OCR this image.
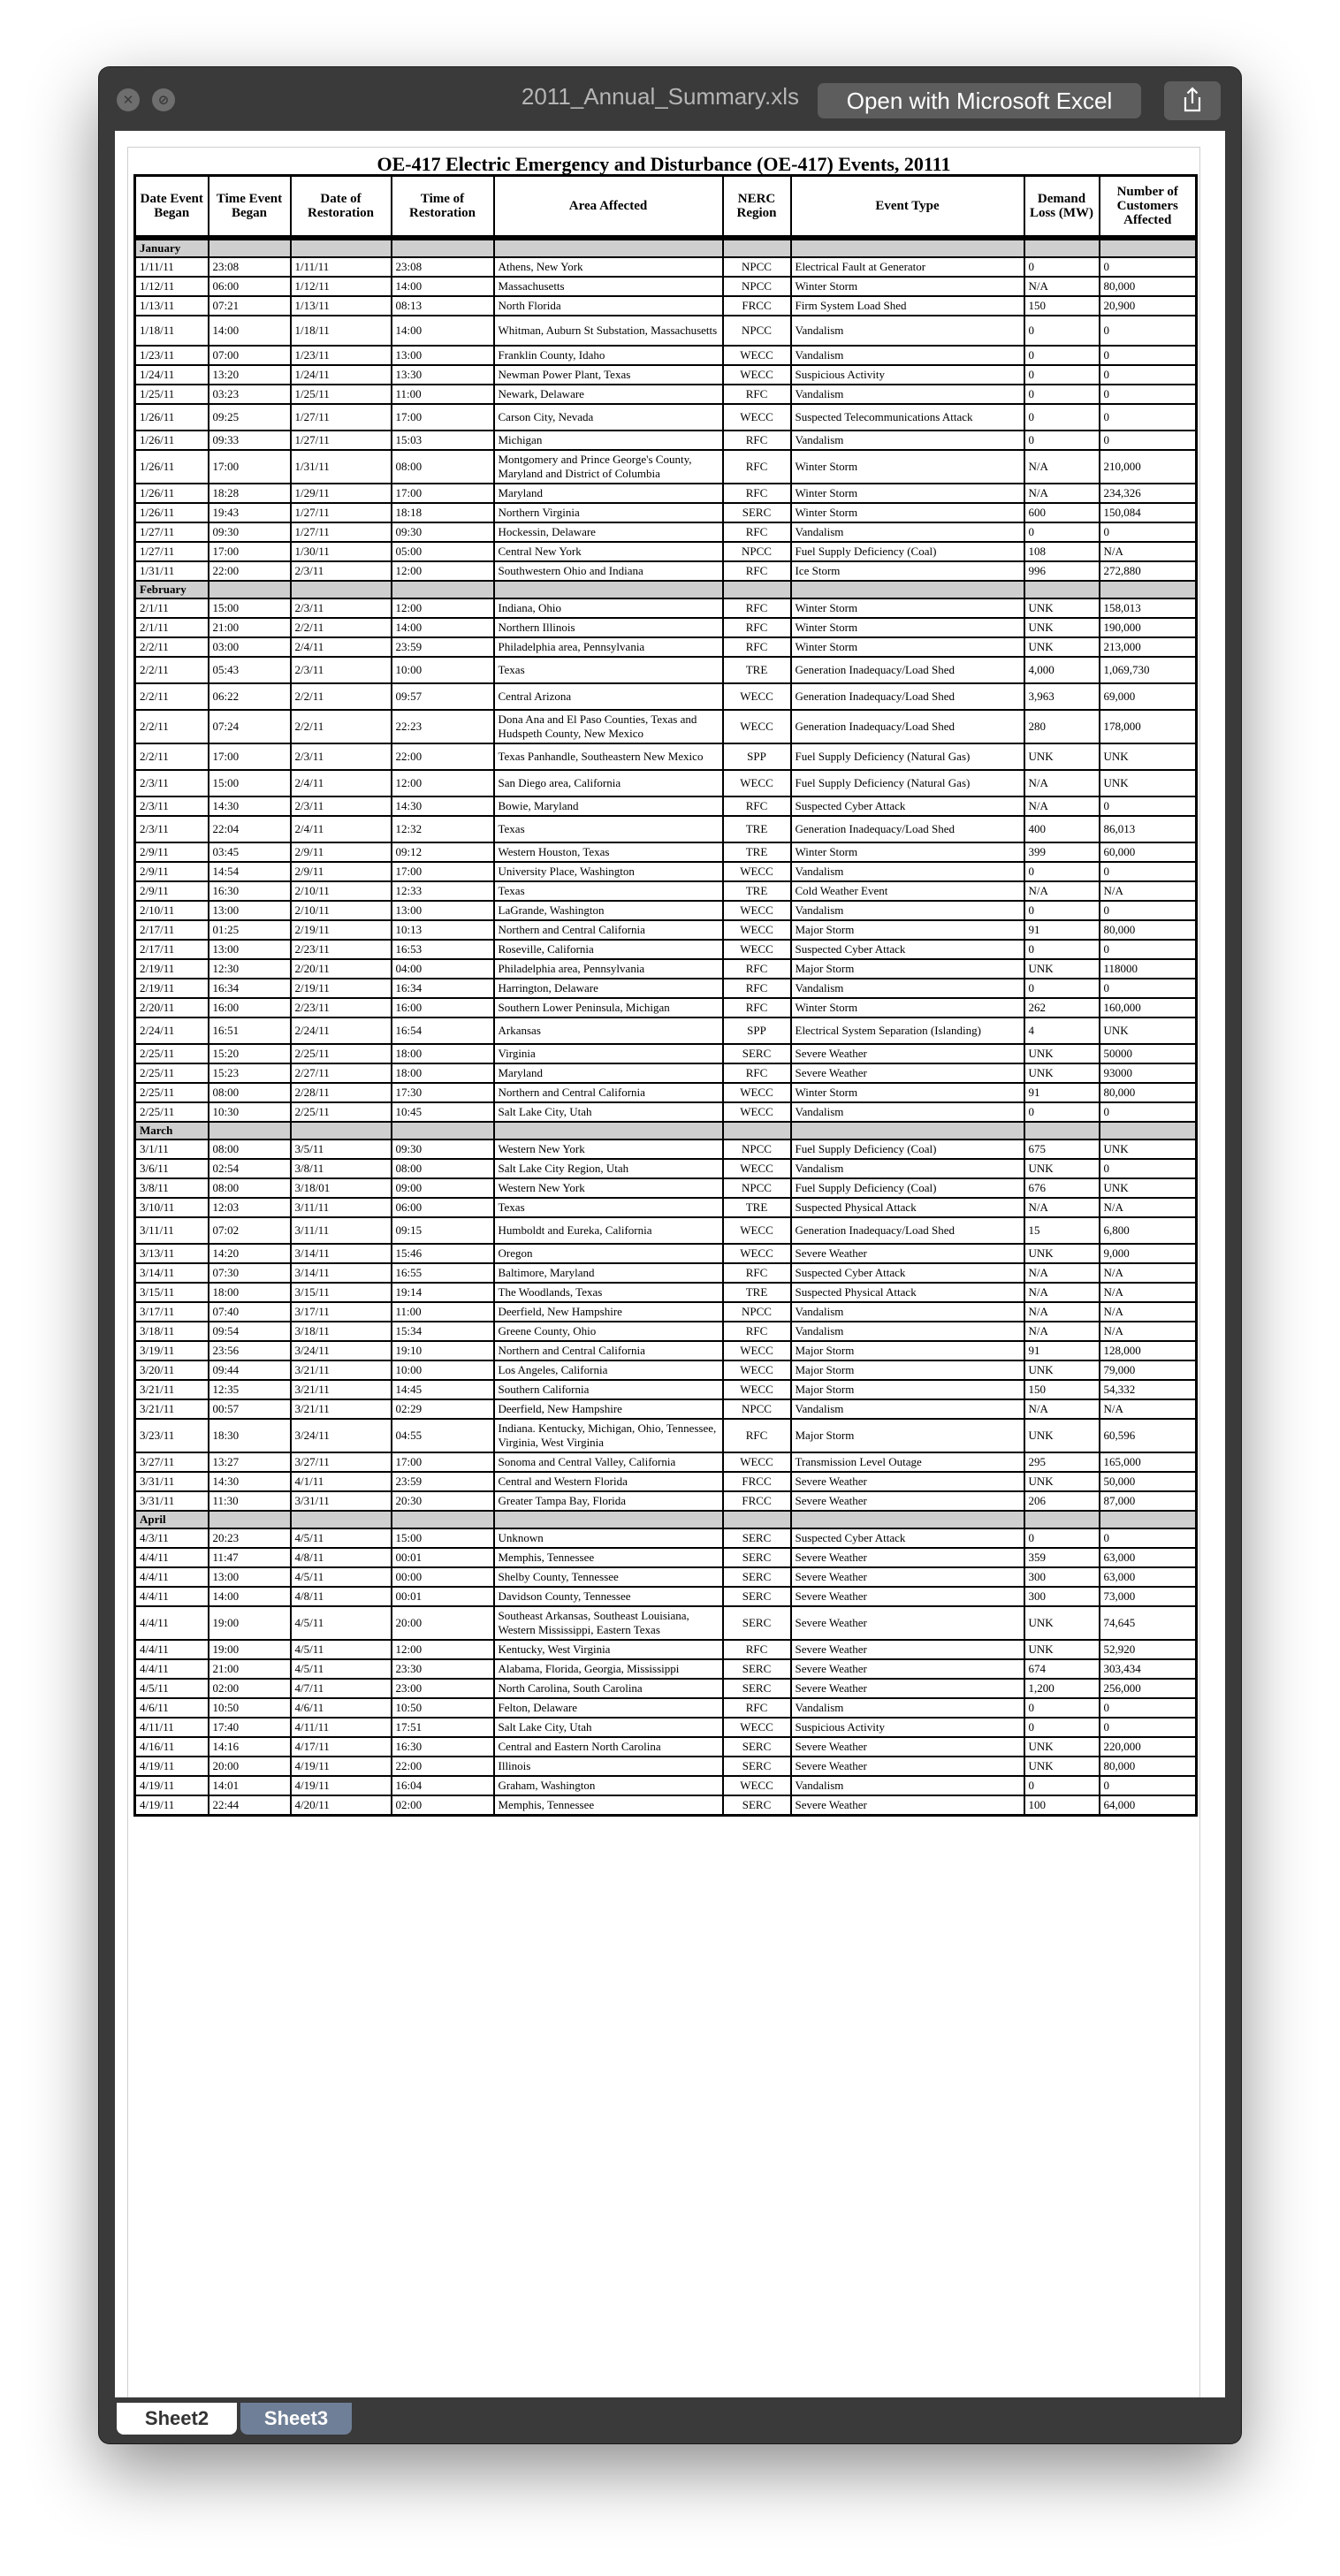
✕	⊘	2011_Annual_Summary.xls	Open with Microsoft Excel
OE-417 Electric Emergency and Disturbance (OE-417) Events, 20111
Date Event Began	Time Event Began	Date of Restoration	Time of Restoration	Area Affected	NERC Region	Event Type	Demand Loss (MW)	Number of Customers Affected
January								
1/11/11	23:08	1/11/11	23:08	Athens, New York	NPCC	Electrical Fault at Generator	0	0
1/12/11	06:00	1/12/11	14:00	Massachusetts	NPCC	Winter Storm	N/A	80,000
1/13/11	07:21	1/13/11	08:13	North Florida	FRCC	Firm System Load Shed	150	20,900
1/18/11	14:00	1/18/11	14:00	Whitman, Auburn St Substation, Massachusetts	NPCC	Vandalism	0	0
1/23/11	07:00	1/23/11	13:00	Franklin County, Idaho	WECC	Vandalism	0	0
1/24/11	13:20	1/24/11	13:30	Newman Power Plant, Texas	WECC	Suspicious Activity	0	0
1/25/11	03:23	1/25/11	11:00	Newark, Delaware	RFC	Vandalism	0	0
1/26/11	09:25	1/27/11	17:00	Carson City, Nevada	WECC	Suspected Telecommunications Attack	0	0
1/26/11	09:33	1/27/11	15:03	Michigan	RFC	Vandalism	0	0
1/26/11	17:00	1/31/11	08:00	Montgomery and Prince George's County, Maryland and District of Columbia	RFC	Winter Storm	N/A	210,000
1/26/11	18:28	1/29/11	17:00	Maryland	RFC	Winter Storm	N/A	234,326
1/26/11	19:43	1/27/11	18:18	Northern Virginia	SERC	Winter Storm	600	150,084
1/27/11	09:30	1/27/11	09:30	Hockessin, Delaware	RFC	Vandalism	0	0
1/27/11	17:00	1/30/11	05:00	Central New York	NPCC	Fuel Supply Deficiency (Coal)	108	N/A
1/31/11	22:00	2/3/11	12:00	Southwestern Ohio and Indiana	RFC	Ice Storm	996	272,880
February								
2/1/11	15:00	2/3/11	12:00	Indiana, Ohio	RFC	Winter Storm	UNK	158,013
2/1/11	21:00	2/2/11	14:00	Northern Illinois	RFC	Winter Storm	UNK	190,000
2/2/11	03:00	2/4/11	23:59	Philadelphia area, Pennsylvania	RFC	Winter Storm	UNK	213,000
2/2/11	05:43	2/3/11	10:00	Texas	TRE	Generation Inadequacy/Load Shed	4,000	1,069,730
2/2/11	06:22	2/2/11	09:57	Central Arizona	WECC	Generation Inadequacy/Load Shed	3,963	69,000
2/2/11	07:24	2/2/11	22:23	Dona Ana and El Paso Counties, Texas and Hudspeth County, New Mexico	WECC	Generation Inadequacy/Load Shed	280	178,000
2/2/11	17:00	2/3/11	22:00	Texas Panhandle, Southeastern New Mexico	SPP	Fuel Supply Deficiency (Natural Gas)	UNK	UNK
2/3/11	15:00	2/4/11	12:00	San Diego area, California	WECC	Fuel Supply Deficiency (Natural Gas)	N/A	UNK
2/3/11	14:30	2/3/11	14:30	Bowie, Maryland	RFC	Suspected Cyber Attack	N/A	0
2/3/11	22:04	2/4/11	12:32	Texas	TRE	Generation Inadequacy/Load Shed	400	86,013
2/9/11	03:45	2/9/11	09:12	Western Houston, Texas	TRE	Winter Storm	399	60,000
2/9/11	14:54	2/9/11	17:00	University Place, Washington	WECC	Vandalism	0	0
2/9/11	16:30	2/10/11	12:33	Texas	TRE	Cold Weather Event	N/A	N/A
2/10/11	13:00	2/10/11	13:00	LaGrande, Washington	WECC	Vandalism	0	0
2/17/11	01:25	2/19/11	10:13	Northern and Central California	WECC	Major Storm	91	80,000
2/17/11	13:00	2/23/11	16:53	Roseville, California	WECC	Suspected Cyber Attack	0	0
2/19/11	12:30	2/20/11	04:00	Philadelphia area, Pennsylvania	RFC	Major Storm	UNK	118000
2/19/11	16:34	2/19/11	16:34	Harrington, Delaware	RFC	Vandalism	0	0
2/20/11	16:00	2/23/11	16:00	Southern Lower Peninsula, Michigan	RFC	Winter Storm	262	160,000
2/24/11	16:51	2/24/11	16:54	Arkansas	SPP	Electrical System Separation (Islanding)	4	UNK
2/25/11	15:20	2/25/11	18:00	Virginia	SERC	Severe Weather	UNK	50000
2/25/11	15:23	2/27/11	18:00	Maryland	RFC	Severe Weather	UNK	93000
2/25/11	08:00	2/28/11	17:30	Northern and Central California	WECC	Winter Storm	91	80,000
2/25/11	10:30	2/25/11	10:45	Salt Lake City, Utah	WECC	Vandalism	0	0
March								
3/1/11	08:00	3/5/11	09:30	Western New York	NPCC	Fuel Supply Deficiency (Coal)	675	UNK
3/6/11	02:54	3/8/11	08:00	Salt Lake City Region, Utah	WECC	Vandalism	UNK	0
3/8/11	08:00	3/18/01	09:00	Western New York	NPCC	Fuel Supply Deficiency (Coal)	676	UNK
3/10/11	12:03	3/11/11	06:00	Texas	TRE	Suspected Physical Attack	N/A	N/A
3/11/11	07:02	3/11/11	09:15	Humboldt and Eureka, California	WECC	Generation Inadequacy/Load Shed	15	6,800
3/13/11	14:20	3/14/11	15:46	Oregon	WECC	Severe Weather	UNK	9,000
3/14/11	07:30	3/14/11	16:55	Baltimore, Maryland	RFC	Suspected Cyber Attack	N/A	N/A
3/15/11	18:00	3/15/11	19:14	The Woodlands, Texas	TRE	Suspected Physical Attack	N/A	N/A
3/17/11	07:40	3/17/11	11:00	Deerfield, New Hampshire	NPCC	Vandalism	N/A	N/A
3/18/11	09:54	3/18/11	15:34	Greene County, Ohio	RFC	Vandalism	N/A	N/A
3/19/11	23:56	3/24/11	19:10	Northern and Central California	WECC	Major Storm	91	128,000
3/20/11	09:44	3/21/11	10:00	Los Angeles, California	WECC	Major Storm	UNK	79,000
3/21/11	12:35	3/21/11	14:45	Southern California	WECC	Major Storm	150	54,332
3/21/11	00:57	3/21/11	02:29	Deerfield, New Hampshire	NPCC	Vandalism	N/A	N/A
3/23/11	18:30	3/24/11	04:55	Indiana. Kentucky, Michigan, Ohio, Tennessee, Virginia, West Virginia	RFC	Major Storm	UNK	60,596
3/27/11	13:27	3/27/11	17:00	Sonoma and Central Valley, California	WECC	Transmission Level Outage	295	165,000
3/31/11	14:30	4/1/11	23:59	Central and Western Florida	FRCC	Severe Weather	UNK	50,000
3/31/11	11:30	3/31/11	20:30	Greater Tampa Bay, Florida	FRCC	Severe Weather	206	87,000
April								
4/3/11	20:23	4/5/11	15:00	Unknown	SERC	Suspected Cyber Attack	0	0
4/4/11	11:47	4/8/11	00:01	Memphis, Tennessee	SERC	Severe Weather	359	63,000
4/4/11	13:00	4/5/11	00:00	Shelby County, Tennessee	SERC	Severe Weather	300	63,000
4/4/11	14:00	4/8/11	00:01	Davidson County, Tennessee	SERC	Severe Weather	300	73,000
4/4/11	19:00	4/5/11	20:00	Southeast Arkansas, Southeast Louisiana, Western Mississippi, Eastern Texas	SERC	Severe Weather	UNK	74,645
4/4/11	19:00	4/5/11	12:00	Kentucky, West Virginia	RFC	Severe Weather	UNK	52,920
4/4/11	21:00	4/5/11	23:30	Alabama, Florida, Georgia, Mississippi	SERC	Severe Weather	674	303,434
4/5/11	02:00	4/7/11	23:00	North Carolina, South Carolina	SERC	Severe Weather	1,200	256,000
4/6/11	10:50	4/6/11	10:50	Felton, Delaware	RFC	Vandalism	0	0
4/11/11	17:40	4/11/11	17:51	Salt Lake City, Utah	WECC	Suspicious Activity	0	0
4/16/11	14:16	4/17/11	16:30	Central and Eastern North Carolina	SERC	Severe Weather	UNK	220,000
4/19/11	20:00	4/19/11	22:00	Illinois	SERC	Severe Weather	UNK	80,000
4/19/11	14:01	4/19/11	16:04	Graham, Washington	WECC	Vandalism	0	0
4/19/11	22:44	4/20/11	02:00	Memphis, Tennessee	SERC	Severe Weather	100	64,000
Sheet2	Sheet3
